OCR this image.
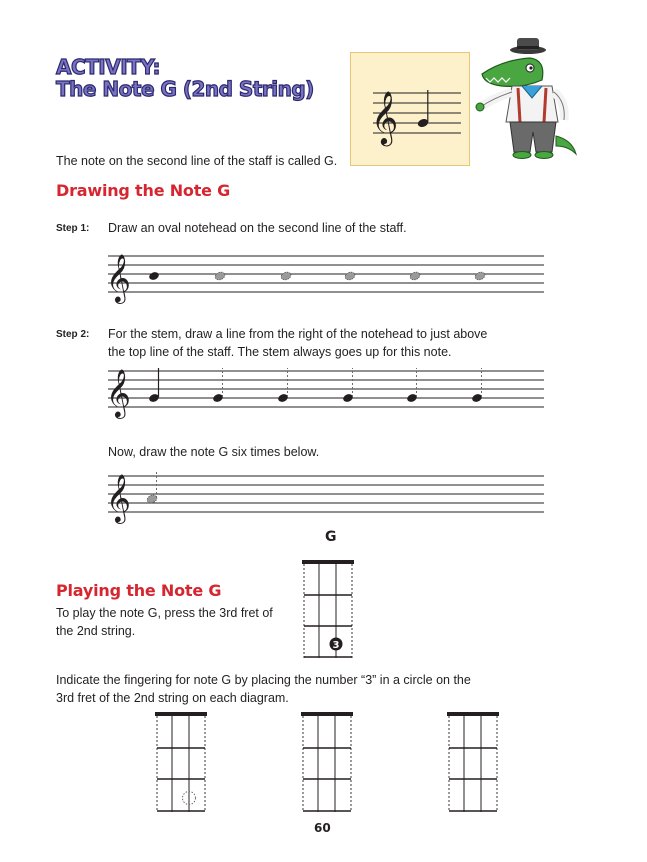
ACTIVITY:
The Note G (2nd String)
𝄞

The note on the second line of the staff is called G.

Drawing the Note G
Step 1: Draw an oval notehead on the second line of the staff.

𝄞
Step 2: For the stem, draw a line from the right of the notehead to just above

the top line of the staff. The stem always goes up for this note.

𝄞

Now, draw the note G six times below.

𝄞
G
3
Playing the Note G

To play the note G, press the 3rd fret of

the 2nd string.

Indicate the fingering for note G by placing the number “3” in a circle on the

3rd fret of the 2nd string on each diagram.

60
